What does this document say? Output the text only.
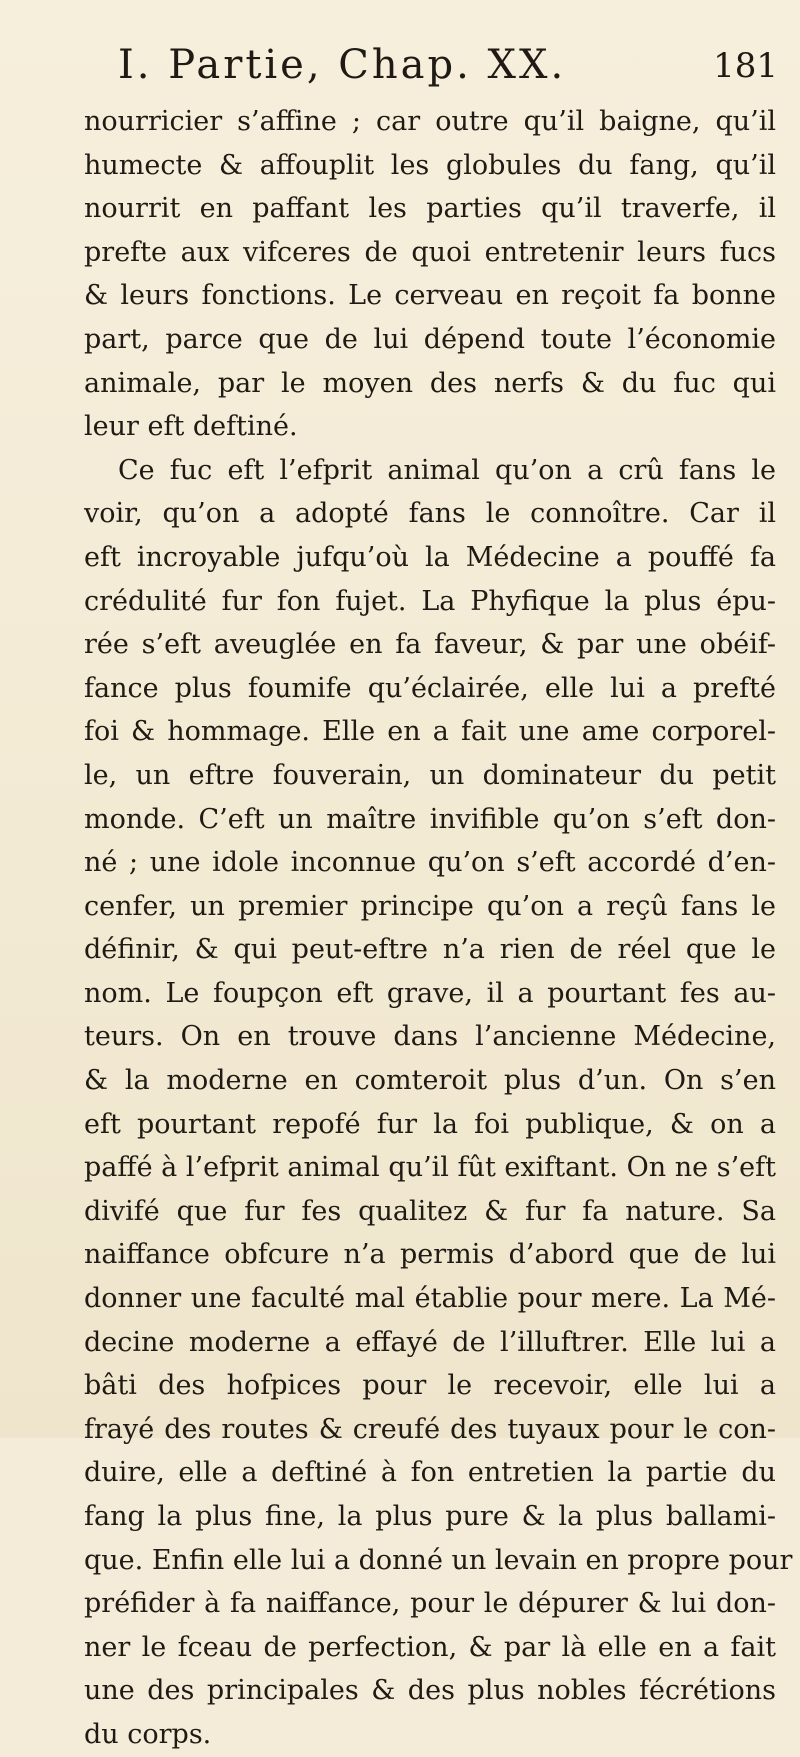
I. Partie, Chap. XX.	181
nourricier s’affine ; car outre qu’il baigne, qu’il
humecte & affouplit les globules du fang, qu’il
nourrit en paffant les parties qu’il traverfe, il
prefte aux vifceres de quoi entretenir leurs fucs
& leurs fonctions. Le cerveau en reçoit fa bonne
part, parce que de lui dépend toute l’économie
animale, par le moyen des nerfs & du fuc qui
leur eft deftiné.
Ce fuc eft l’efprit animal qu’on a crû fans le
voir, qu’on a adopté fans le connoître. Car il
eft incroyable jufqu’où la Médecine a pouffé fa
crédulité fur fon fujet. La Phyfique la plus épu-
rée s’eft aveuglée en fa faveur, & par une obéif-
fance plus foumife qu’éclairée, elle lui a prefté
foi & hommage. Elle en a fait une ame corporel-
le, un eftre fouverain, un dominateur du petit
monde. C’eft un maître invifible qu’on s’eft don-
né ; une idole inconnue qu’on s’eft accordé d’en-
cenfer, un premier principe qu’on a reçû fans le
définir, & qui peut-eftre n’a rien de réel que le
nom. Le foupçon eft grave, il a pourtant fes au-
teurs. On en trouve dans l’ancienne Médecine,
& la moderne en comteroit plus d’un. On s’en
eft pourtant repofé fur la foi publique, & on a
paffé à l’efprit animal qu’il fût exiftant. On ne s’eft
divifé que fur fes qualitez & fur fa nature. Sa
naiffance obfcure n’a permis d’abord que de lui
donner une faculté mal établie pour mere. La Mé-
decine moderne a effayé de l’illuftrer. Elle lui a
bâti des hofpices pour le recevoir, elle lui a
frayé des routes & creufé des tuyaux pour le con-
duire, elle a deftiné à fon entretien la partie du
fang la plus fine, la plus pure & la plus ballami-
que. Enfin elle lui a donné un levain en propre pour
préfider à fa naiffance, pour le dépurer & lui don-
ner le fceau de perfection, & par là elle en a fait
une des principales & des plus nobles fécrétions
du corps.
